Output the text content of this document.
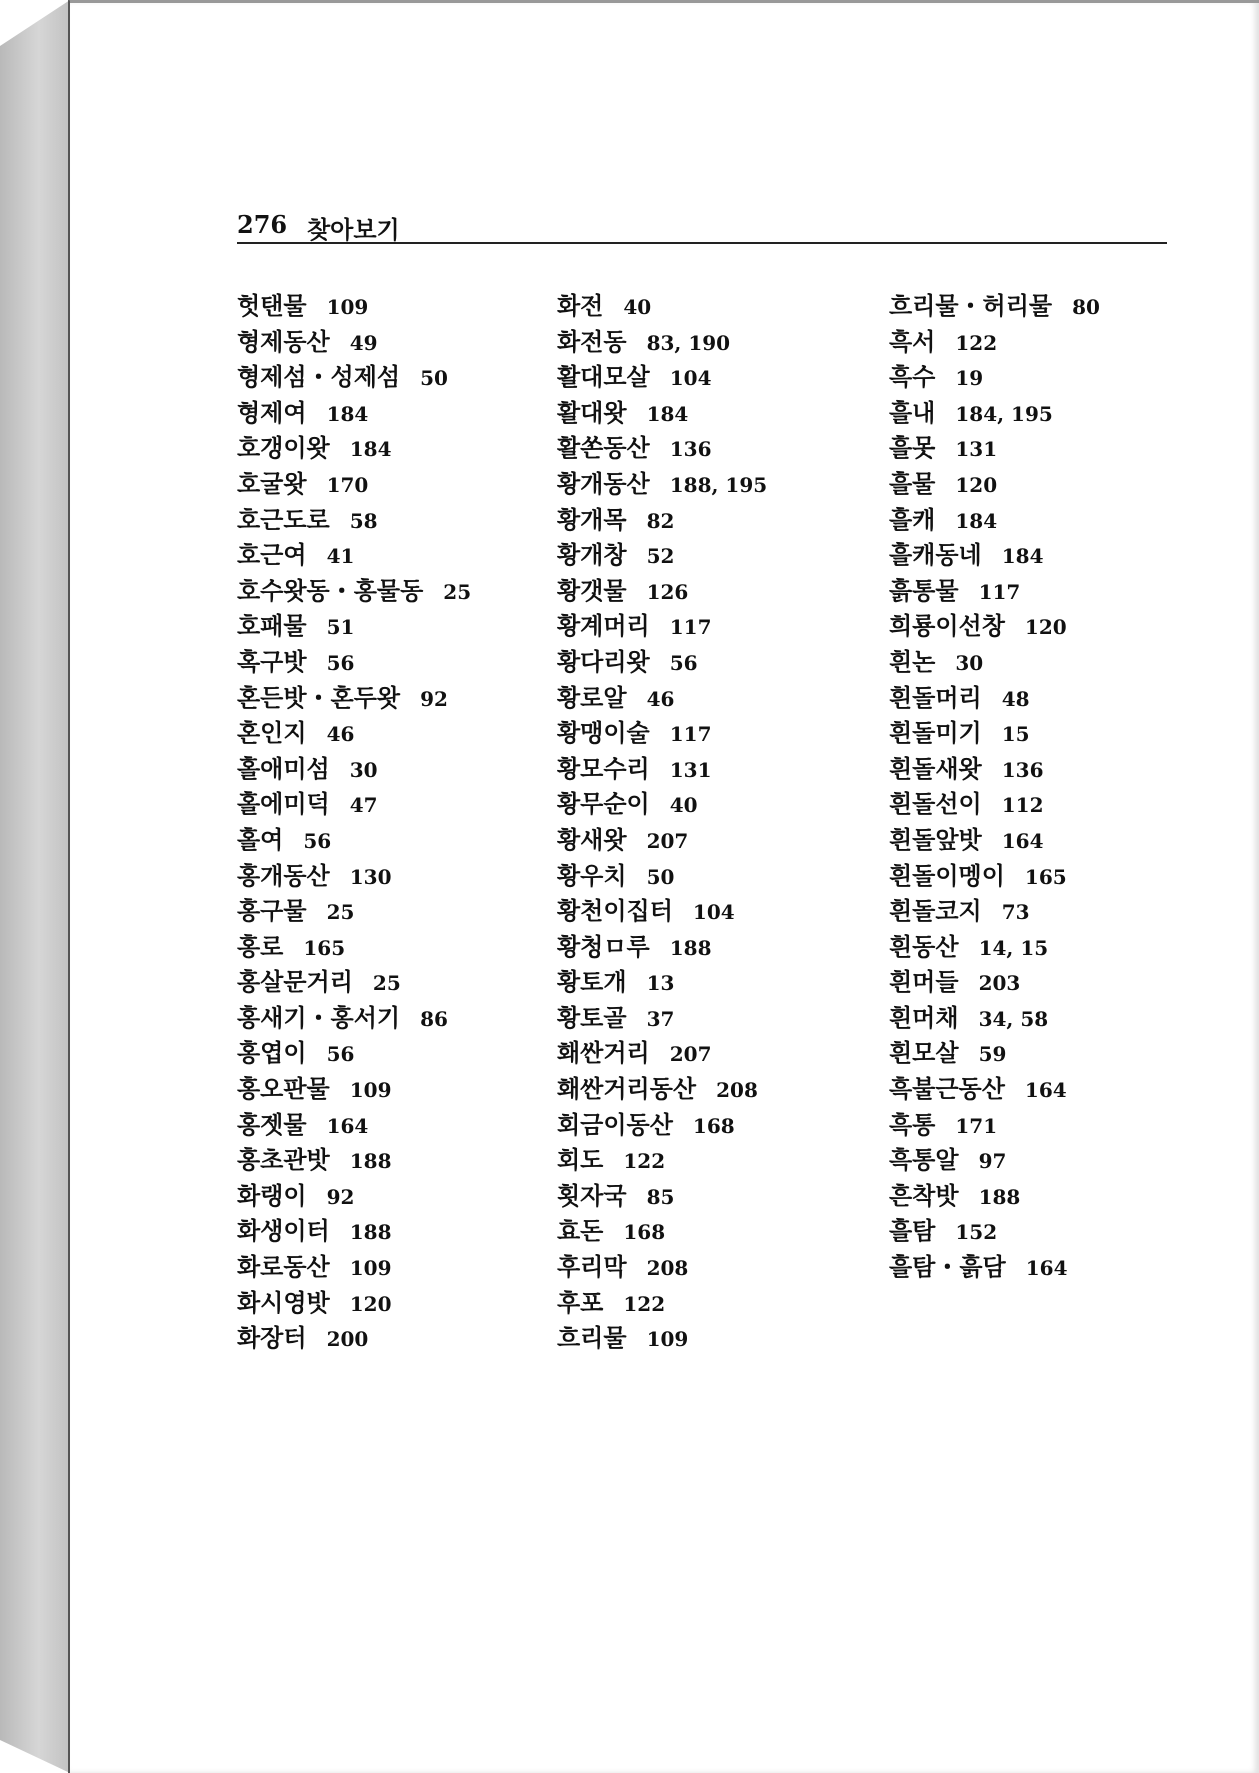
276 찾아보기
헛탠물 109
형제동산 49
형제섬・성제섬 50
형제여 184
호갱이왓 184
호굴왓 170
호근도로 58
호근여 41
호수왓동・홍물동 25
호패물 51
혹구밧 56
혼든밧・혼두왓 92
혼인지 46
홀애미섬 30
홀에미덕 47
홀여 56
홍개동산 130
홍구물 25
홍로 165
홍살문거리 25
홍새기・홍서기 86
홍엽이 56
홍오판물 109
홍젯물 164
홍초관밧 188
화랭이 92
화생이터 188
화로동산 109
화시영밧 120
화장터 200
화전 40
화전동 83, 190
활대모살 104
활대왓 184
활쏜동산 136
황개동산 188, 195
황개목 82
황개창 52
황갯물 126
황계머리 117
황다리왓 56
황로알 46
황맹이술 117
황모수리 131
황무순이 40
황새왓 207
황우치 50
황천이집터 104
황청ㅁ루 188
황토개 13
황토골 37
홰싼거리 207
홰싼거리동산 208
회금이동산 168
회도 122
횟자국 85
효돈 168
후리막 208
후포 122
흐리물 109
흐리물・허리물 80
흑서 122
흑수 19
흘내 184, 195
흘못 131
흘물 120
흘캐 184
흘캐동네 184
흙통물 117
희룡이선창 120
흰논 30
흰돌머리 48
흰돌미기 15
흰돌새왓 136
흰돌선이 112
흰돌앞밧 164
흰돌이멩이 165
흰돌코지 73
흰동산 14, 15
흰머들 203
흰머채 34, 58
흰모살 59
흑불근동산 164
흑통 171
흑통알 97
흔착밧 188
흘탐 152
흘탐・흙담 164
